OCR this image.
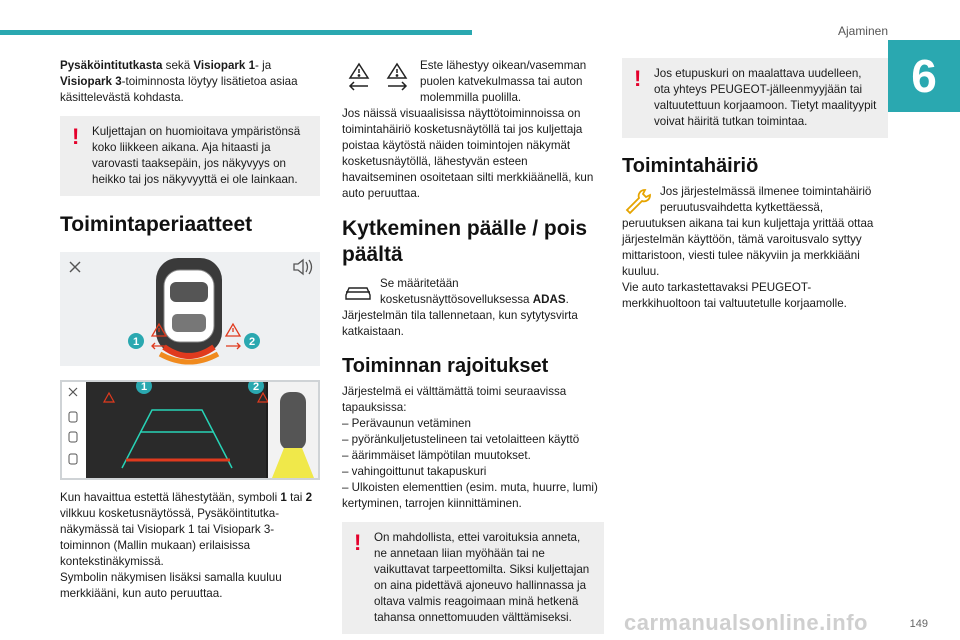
Ajaminen
6

Pysäköintitutkasta sekä Visiopark 1- ja Visiopark 3-toiminnosta löytyy lisätietoa asiaa käsittelevästä kohdasta.

!	Kuljettajan on huomioitava ympäristönsä koko liikkeen aikana. Aja hitaasti ja varovasti taaksepäin, jos näkyvyys on heikko tai jos näkyvyyttä ei ole lainkaan.

Toimintaperiaatteet
1	2
1	2

Kun havaittua estettä lähestytään, symboli 1 tai 2 vilkkuu kosketusnäytössä, Pysäköintitutka-näkymässä tai Visiopark 1 tai Visiopark 3-toiminnon (Mallin mukaan) erilaisissa kontekstinäkymissä.

Symbolin näkymisen lisäksi samalla kuuluu merkkiääni, kun auto peruuttaa.

Este lähestyy oikean/vasemman puolen katvekulmassa tai auton molemmilla puolilla.

Jos näissä visuaalisissa näyttötoiminnoissa on toimintahäiriö kosketusnäytöllä tai jos kuljettaja poistaa käytöstä näiden toimintojen näkymät kosketusnäytöllä, lähestyvän esteen havaitseminen osoitetaan silti merkkiäänellä, kun auto peruuttaa.

Kytkeminen päälle / pois päältä

Se määritetään kosketusnäyttösovelluksessa ADAS.

Järjestelmän tila tallennetaan, kun sytytysvirta katkaistaan.

Toiminnan rajoitukset

Järjestelmä ei välttämättä toimi seuraavissa tapauksissa:

– Perävaunun vetäminen
– pyöränkuljetustelineen tai vetolaitteen käyttö
– äärimmäiset lämpötilan muutokset.
– vahingoittunut takapuskuri
– Ulkoisten elementtien (esim. muta, huurre, lumi) kertyminen, tarrojen kiinnittäminen.
!	On mahdollista, ettei varoituksia anneta, ne annetaan liian myöhään tai ne vaikuttavat tarpeettomilta. Siksi kuljettajan on aina pidettävä ajoneuvo hallinnassa ja oltava valmis reagoimaan minä hetkenä tahansa onnettomuuden välttämiseksi.

!	Jos etupuskuri on maalattava uudelleen, ota yhteys PEUGEOT-jälleenmyyjään tai valtuutettuun korjaamoon. Tietyt maalityypit voivat häiritä tutkan toimintaa.

Toimintahäiriö

Jos järjestelmässä ilmenee toimintahäiriö peruutusvaihdetta kytkettäessä, peruutuksen aikana tai kun kuljettaja yrittää ottaa järjestelmän käyttöön, tämä varoitusvalo syttyy mittaristoon, viesti tulee näkyviin ja merkkiääni kuuluu.

Vie auto tarkastettavaksi PEUGEOT-merkkihuoltoon tai valtuutetulle korjaamolle.

carmanualsonline.info	149
